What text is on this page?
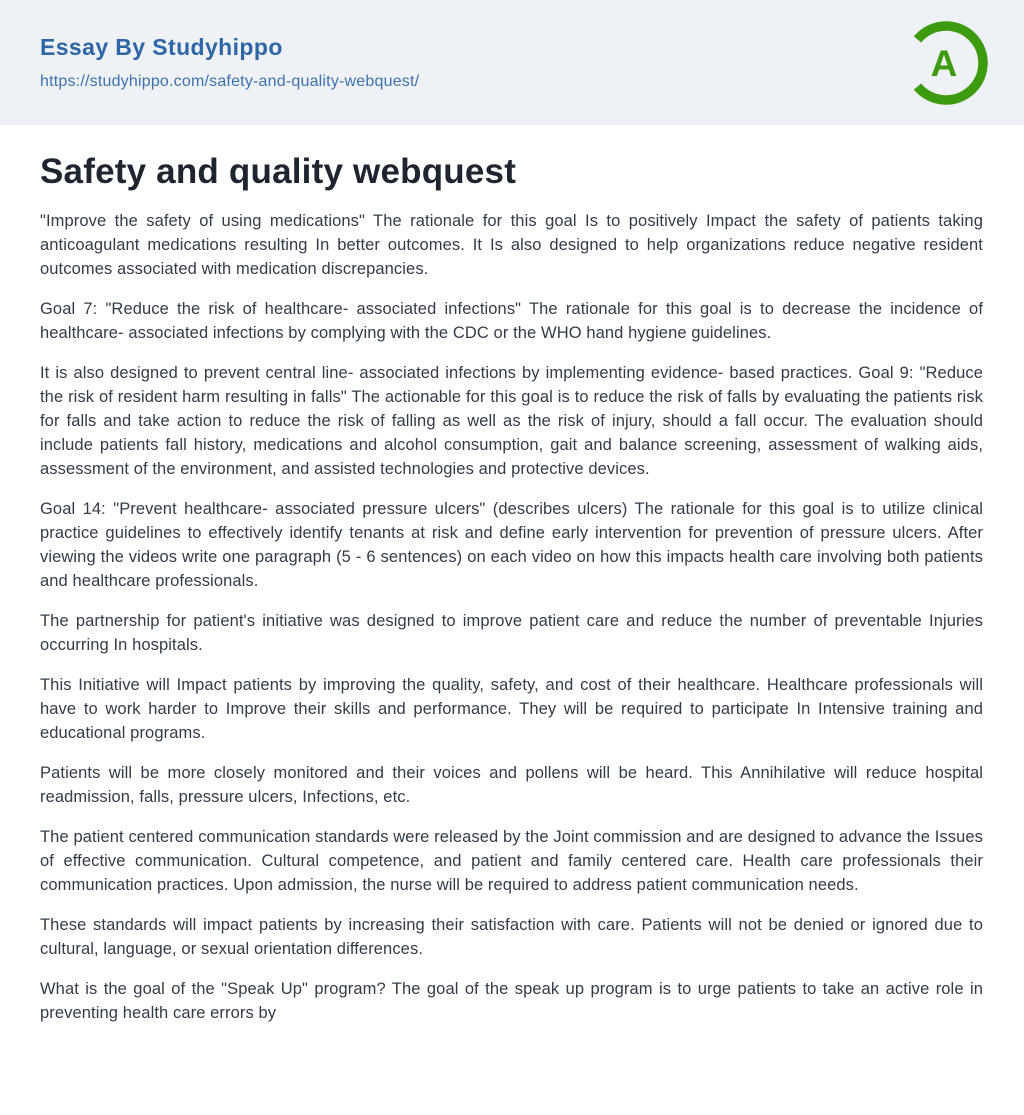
Essay By Studyhippo
https://studyhippo.com/safety-and-quality-webquest/	A
Safety and quality webquest

"Improve the safety of using medications" The rationale for this goal Is to positively Impact the safety of patients taking anticoagulant medications resulting In better outcomes. It Is also designed to help organizations reduce negative resident outcomes associated with medication discrepancies.

Goal 7: "Reduce the risk of healthcare- associated infections" The rationale for this goal is to decrease the incidence of healthcare- associated infections by complying with the CDC or the WHO hand hygiene guidelines.

It is also designed to prevent central line- associated infections by implementing evidence- based practices. Goal 9: "Reduce the risk of resident harm resulting in falls" The actionable for this goal is to reduce the risk of falls by evaluating the patients risk for falls and take action to reduce the risk of falling as well as the risk of injury, should a fall occur. The evaluation should include patients fall history, medications and alcohol consumption, gait and balance screening, assessment of walking aids, assessment of the environment, and assisted technologies and protective devices.

Goal 14: "Prevent healthcare- associated pressure ulcers" (describes ulcers) The rationale for this goal is to utilize clinical practice guidelines to effectively identify tenants at risk and define early intervention for prevention of pressure ulcers. After viewing the videos write one paragraph (5 - 6 sentences) on each video on how this impacts health care involving both patients and healthcare professionals.

The partnership for patient's initiative was designed to improve patient care and reduce the number of preventable Injuries occurring In hospitals.

This Initiative will Impact patients by improving the quality, safety, and cost of their healthcare. Healthcare professionals will have to work harder to Improve their skills and performance. They will be required to participate In Intensive training and educational programs.

Patients will be more closely monitored and their voices and pollens will be heard. This Annihilative will reduce hospital readmission, falls, pressure ulcers, Infections, etc.

The patient centered communication standards were released by the Joint commission and are designed to advance the Issues of effective communication. Cultural competence, and patient and family centered care. Health care professionals their communication practices. Upon admission, the nurse will be required to address patient communication needs.

These standards will impact patients by increasing their satisfaction with care. Patients will not be denied or ignored due to cultural, language, or sexual orientation differences.

What is the goal of the "Speak Up" program? The goal of the speak up program is to urge patients to take an active role in preventing health care errors by
